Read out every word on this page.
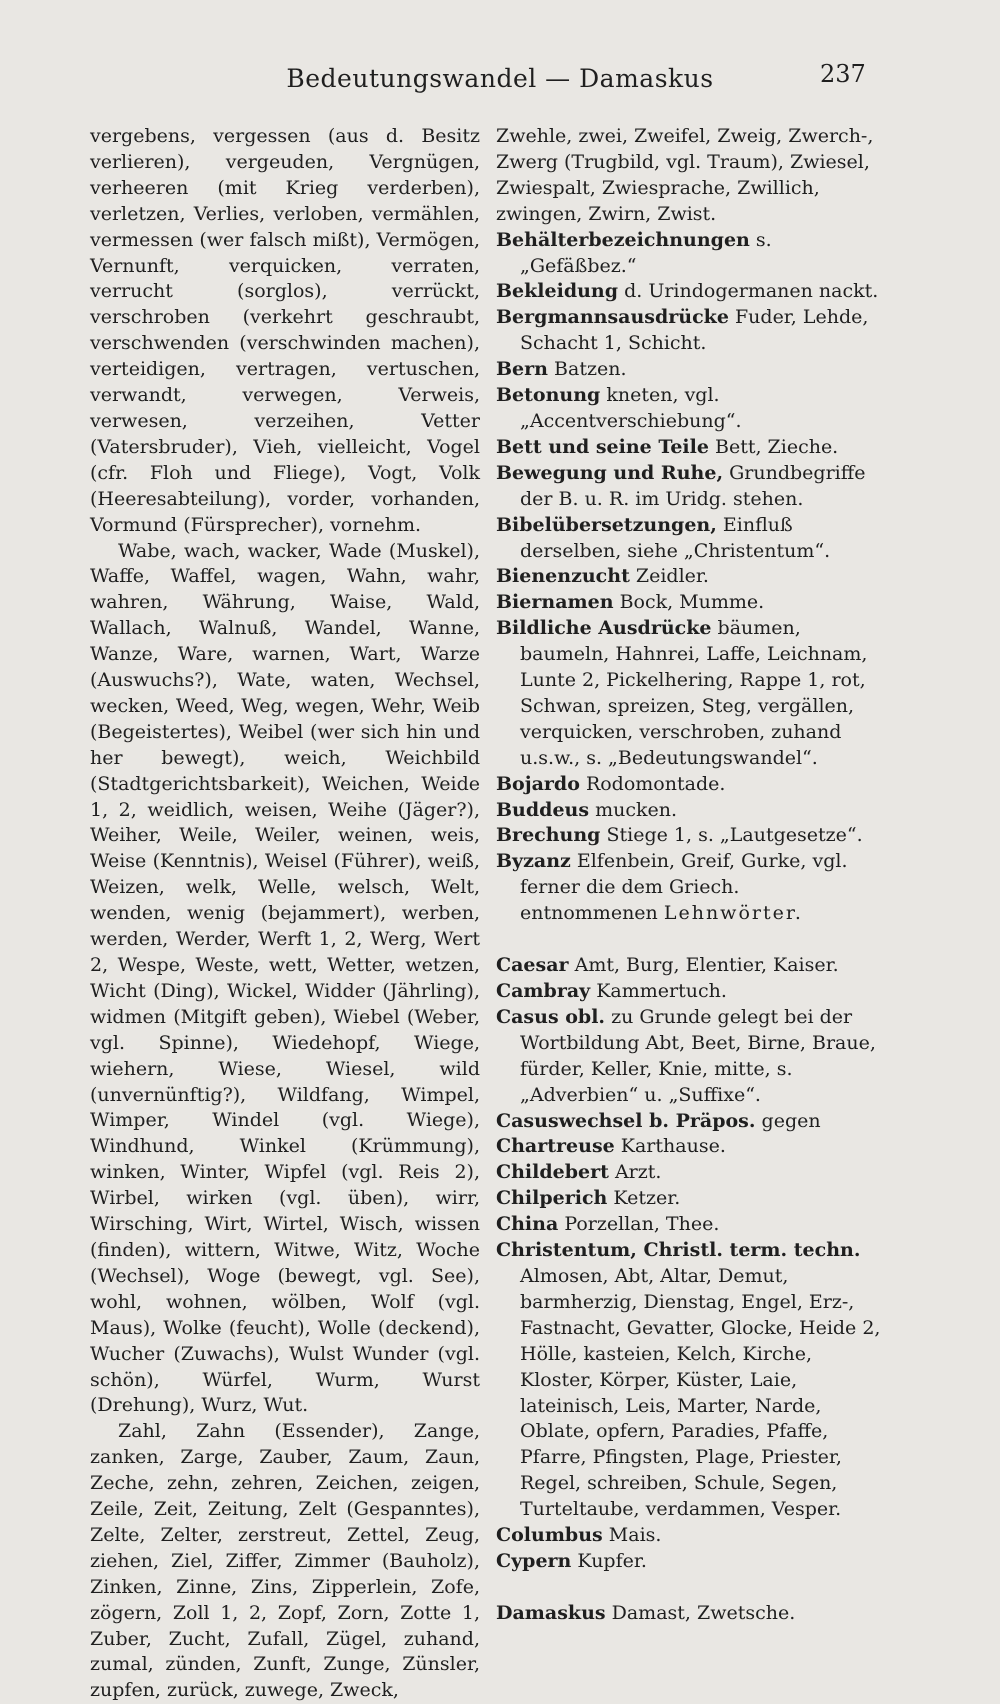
Bedeutungswandel — Damaskus	237

vergebens, vergessen (aus d. Besitz verlieren), vergeuden, Vergnügen, verheeren (mit Krieg verderben), verletzen, Verlies, verloben, vermählen, vermessen (wer falsch mißt), Vermögen, Vernunft, verquicken, verraten, verrucht (sorglos), verrückt, verschroben (verkehrt geschraubt, verschwenden (verschwinden machen), verteidigen, vertragen, vertuschen, verwandt, verwegen, Verweis, verwesen, verzeihen, Vetter (Vatersbruder), Vieh, vielleicht, Vogel (cfr. Floh und Fliege), Vogt, Volk (Heeresabteilung), vorder, vorhanden, Vormund (Fürsprecher), vornehm.

Wabe, wach, wacker, Wade (Muskel), Waffe, Waffel, wagen, Wahn, wahr, wahren, Währung, Waise, Wald, Wallach, Walnuß, Wandel, Wanne, Wanze, Ware, warnen, Wart, Warze (Auswuchs?), Wate, waten, Wechsel, wecken, Weed, Weg, wegen, Wehr, Weib (Begeistertes), Weibel (wer sich hin und her bewegt), weich, Weichbild (Stadtgerichtsbarkeit), Weichen, Weide 1, 2, weidlich, weisen, Weihe (Jäger?), Weiher, Weile, Weiler, weinen, weis, Weise (Kenntnis), Weisel (Führer), weiß, Weizen, welk, Welle, welsch, Welt, wenden, wenig (bejammert), werben, werden, Werder, Werft 1, 2, Werg, Wert 2, Wespe, Weste, wett, Wetter, wetzen, Wicht (Ding), Wickel, Widder (Jährling), widmen (Mitgift geben), Wiebel (Weber, vgl. Spinne), Wiedehopf, Wiege, wiehern, Wiese, Wiesel, wild (unvernünftig?), Wildfang, Wimpel, Wimper, Windel (vgl. Wiege), Windhund, Winkel (Krümmung), winken, Winter, Wipfel (vgl. Reis 2), Wirbel, wirken (vgl. üben), wirr, Wirsching, Wirt, Wirtel, Wisch, wissen (finden), wittern, Witwe, Witz, Woche (Wechsel), Woge (bewegt, vgl. See), wohl, wohnen, wölben, Wolf (vgl. Maus), Wolke (feucht), Wolle (deckend), Wucher (Zuwachs), Wulst Wunder (vgl. schön), Würfel, Wurm, Wurst (Drehung), Wurz, Wut.

Zahl, Zahn (Essender), Zange, zanken, Zarge, Zauber, Zaum, Zaun, Zeche, zehn, zehren, Zeichen, zeigen, Zeile, Zeit, Zeitung, Zelt (Gespanntes), Zelte, Zelter, zerstreut, Zettel, Zeug, ziehen, Ziel, Ziffer, Zimmer (Bauholz), Zinken, Zinne, Zins, Zipperlein, Zofe, zögern, Zoll 1, 2, Zopf, Zorn, Zotte 1, Zuber, Zucht, Zufall, Zügel, zuhand, zumal, zünden, Zunft, Zunge, Zünsler, zupfen, zurück, zuwege, Zweck,

Zwehle, zwei, Zweifel, Zweig, Zwerch-, Zwerg (Trugbild, vgl. Traum), Zwiesel, Zwiespalt, Zwiesprache, Zwillich, zwingen, Zwirn, Zwist.

Behälterbezeichnungen s. „Gefäßbez.“

Bekleidung d. Urindogermanen nackt.

Bergmannsausdrücke Fuder, Lehde, Schacht 1, Schicht.

Bern Batzen.

Betonung kneten, vgl. „Accentverschiebung“.

Bett und seine Teile Bett, Zieche.

Bewegung und Ruhe, Grundbegriffe der B. u. R. im Uridg. stehen.

Bibelübersetzungen, Einfluß derselben, siehe „Christentum“.

Bienenzucht Zeidler.

Biernamen Bock, Mumme.

Bildliche Ausdrücke bäumen, baumeln, Hahnrei, Laffe, Leichnam, Lunte 2, Pickelhering, Rappe 1, rot, Schwan, spreizen, Steg, vergällen, verquicken, verschroben, zuhand u.s.w., s. „Bedeutungswandel“.

Bojardo Rodomontade.

Buddeus mucken.

Brechung Stiege 1, s. „Lautgesetze“.

Byzanz Elfenbein, Greif, Gurke, vgl. ferner die dem Griech. entnommenen Lehnwörter.

Caesar Amt, Burg, Elentier, Kaiser.

Cambray Kammertuch.

Casus obl. zu Grunde gelegt bei der Wortbildung Abt, Beet, Birne, Braue, fürder, Keller, Knie, mitte, s. „Adverbien“ u. „Suffixe“.

Casuswechsel b. Präpos. gegen

Chartreuse Karthause.

Childebert Arzt.

Chilperich Ketzer.

China Porzellan, Thee.

Christentum, Christl. term. techn. Almosen, Abt, Altar, Demut, barmherzig, Dienstag, Engel, Erz-, Fastnacht, Gevatter, Glocke, Heide 2, Hölle, kasteien, Kelch, Kirche, Kloster, Körper, Küster, Laie, lateinisch, Leis, Marter, Narde, Oblate, opfern, Paradies, Pfaffe, Pfarre, Pfingsten, Plage, Priester, Regel, schreiben, Schule, Segen, Turteltaube, verdammen, Vesper.

Columbus Mais.

Cypern Kupfer.

Damaskus Damast, Zwetsche.
